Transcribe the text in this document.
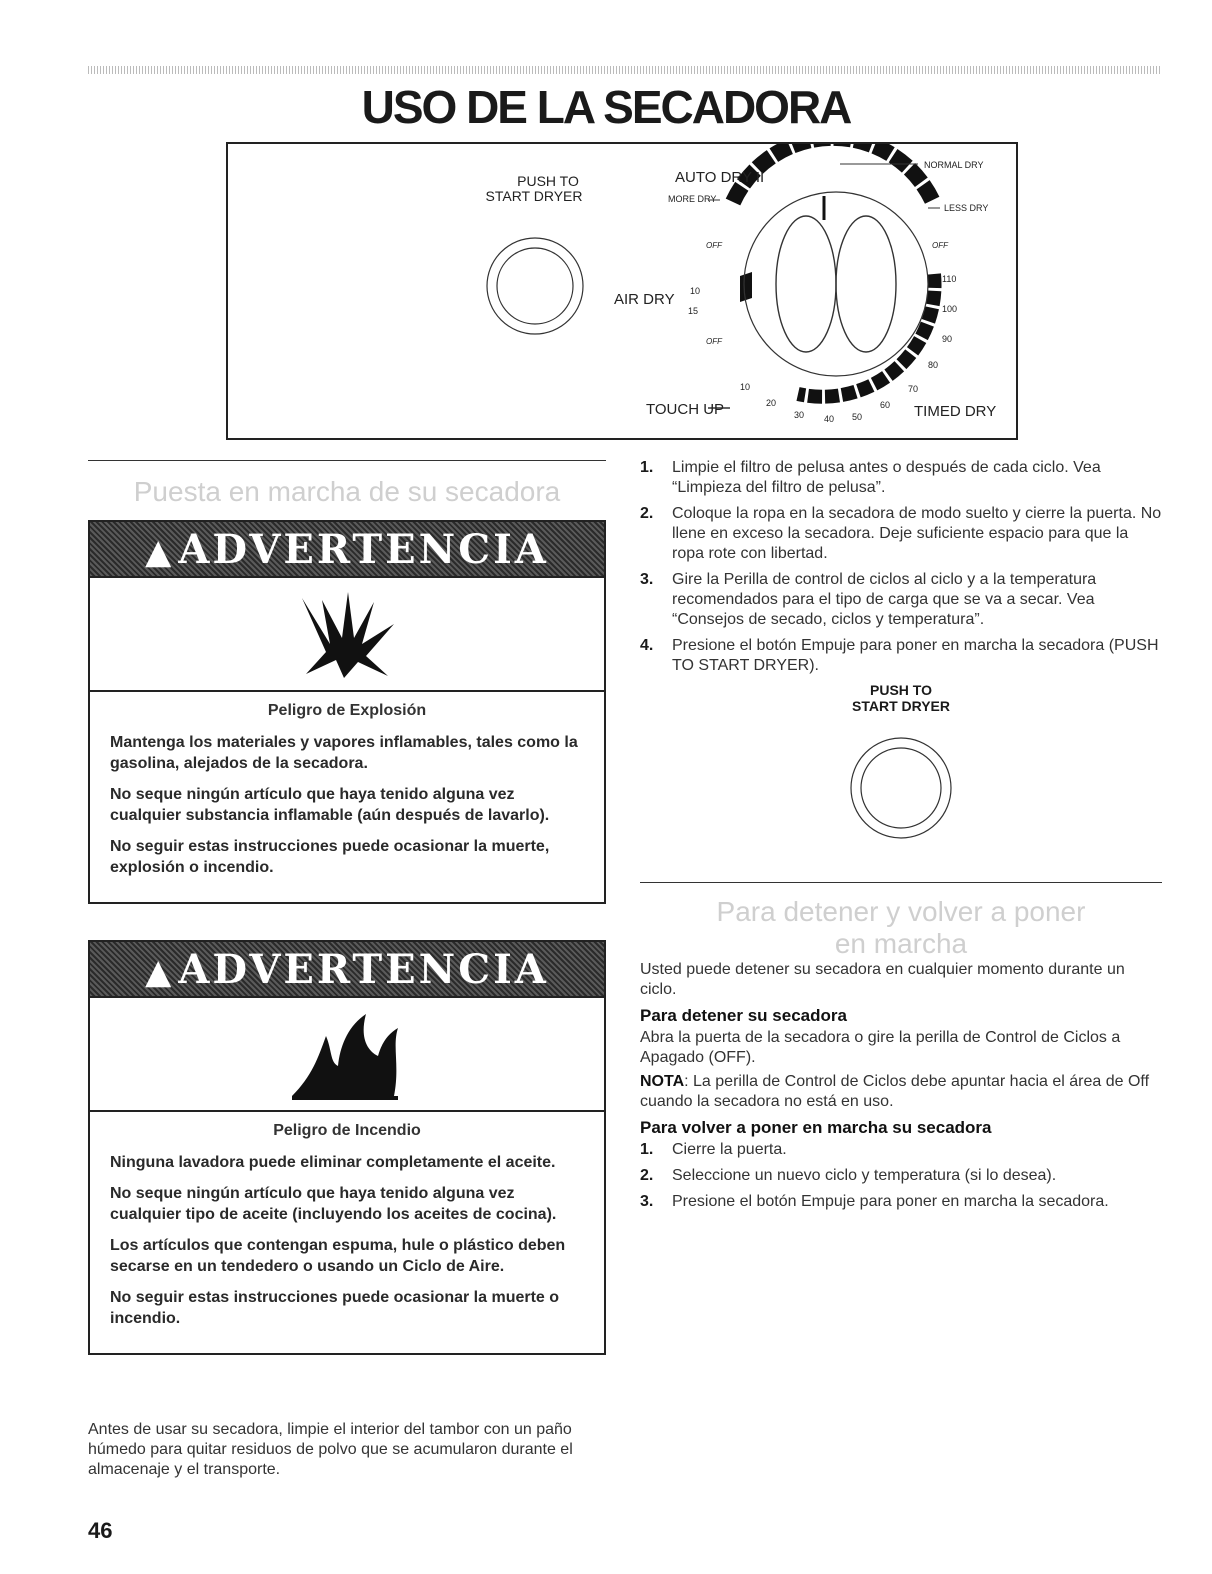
USO DE LA SECADORA
PUSH TO
START DRYER
AUTO DRY II
MORE DRY
NORMAL DRY
LESS DRY
OFF	OFF
OFF
AIR DRY 10
15
110
100
90
80
70
60
50
40
30
20
10
TOUCH UP	TIMED DRY
Puesta en marcha de su secadora
▲ ADVERTENCIA
Peligro de Explosión

Mantenga los materiales y vapores inflamables, tales como la gasolina, alejados de la secadora.

No seque ningún artículo que haya tenido alguna vez cualquier substancia inflamable (aún después de lavarlo).

No seguir estas instrucciones puede ocasionar la muerte, explosión o incendio.

▲ ADVERTENCIA
Peligro de Incendio

Ninguna lavadora puede eliminar completamente el aceite.

No seque ningún artículo que haya tenido alguna vez cualquier tipo de aceite (incluyendo los aceites de cocina).

Los artículos que contengan espuma, hule o plástico deben secarse en un tendedero o usando un Ciclo de Aire.

No seguir estas instrucciones puede ocasionar la muerte o incendio.

Antes de usar su secadora, limpie el interior del tambor con un paño húmedo para quitar residuos de polvo que se acumularon durante el almacenaje y el transporte.

46

1. Limpie el filtro de pelusa antes o después de cada ciclo. Vea “Limpieza del filtro de pelusa”.
2. Coloque la ropa en la secadora de modo suelto y cierre la puerta. No llene en exceso la secadora. Deje suficiente espacio para que la ropa rote con libertad.
3. Gire la Perilla de control de ciclos al ciclo y a la temperatura recomendados para el tipo de carga que se va a secar. Vea “Consejos de secado, ciclos y temperatura”.
4. Presione el botón Empuje para poner en marcha la secadora (PUSH TO START DRYER).
PUSH TO
START DRYER
Para detener y volver a poner
en marcha

Usted puede detener su secadora en cualquier momento durante un ciclo.

Para detener su secadora

Abra la puerta de la secadora o gire la perilla de Control de Ciclos a Apagado (OFF).

NOTA: La perilla de Control de Ciclos debe apuntar hacia el área de Off cuando la secadora no está en uso.

Para volver a poner en marcha su secadora
1. Cierre la puerta.
2. Seleccione un nuevo ciclo y temperatura (si lo desea).
3. Presione el botón Empuje para poner en marcha la secadora.
